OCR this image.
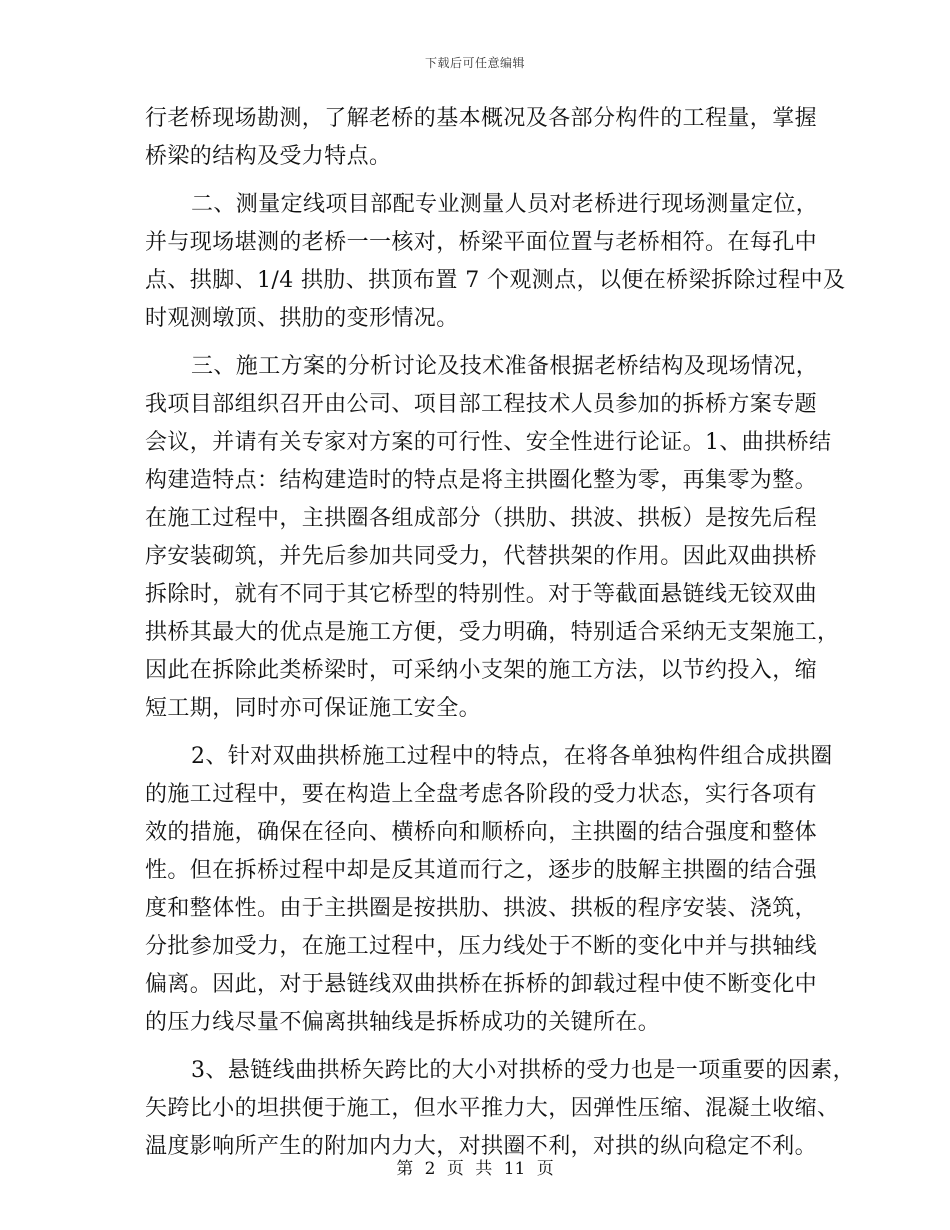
下载后可任意编辑
行老桥现场勘测，了解老桥的基本概况及各部分构件的工程量，掌握
桥梁的结构及受力特点。
二、测量定线项目部配专业测量人员对老桥进行现场测量定位，
并与现场堪测的老桥一一核对，桥梁平面位置与老桥相符。在每孔中
点、拱脚、1/4 拱肋、拱顶布置 7 个观测点，以便在桥梁拆除过程中及
时观测墩顶、拱肋的变形情况。
三、施工方案的分析讨论及技术准备根据老桥结构及现场情况，
我项目部组织召开由公司、项目部工程技术人员参加的拆桥方案专题
会议，并请有关专家对方案的可行性、安全性进行论证。1、曲拱桥结
构建造特点：结构建造时的特点是将主拱圈化整为零，再集零为整。
在施工过程中，主拱圈各组成部分（拱肋、拱波、拱板）是按先后程
序安装砌筑，并先后参加共同受力，代替拱架的作用。因此双曲拱桥
拆除时，就有不同于其它桥型的特别性。对于等截面悬链线无铰双曲
拱桥其最大的优点是施工方便，受力明确，特别适合采纳无支架施工，
因此在拆除此类桥梁时，可采纳小支架的施工方法，以节约投入，缩
短工期，同时亦可保证施工安全。
2、针对双曲拱桥施工过程中的特点，在将各单独构件组合成拱圈
的施工过程中，要在构造上全盘考虑各阶段的受力状态，实行各项有
效的措施，确保在径向、横桥向和顺桥向，主拱圈的结合强度和整体
性。但在拆桥过程中却是反其道而行之，逐步的肢解主拱圈的结合强
度和整体性。由于主拱圈是按拱肋、拱波、拱板的程序安装、浇筑，
分批参加受力，在施工过程中，压力线处于不断的变化中并与拱轴线
偏离。因此，对于悬链线双曲拱桥在拆桥的卸载过程中使不断变化中
的压力线尽量不偏离拱轴线是拆桥成功的关键所在。
3、悬链线曲拱桥矢跨比的大小对拱桥的受力也是一项重要的因素，
矢跨比小的坦拱便于施工，但水平推力大，因弹性压缩、混凝土收缩、
温度影响所产生的附加内力大，对拱圈不利，对拱的纵向稳定不利。
第 2 页 共 11 页
